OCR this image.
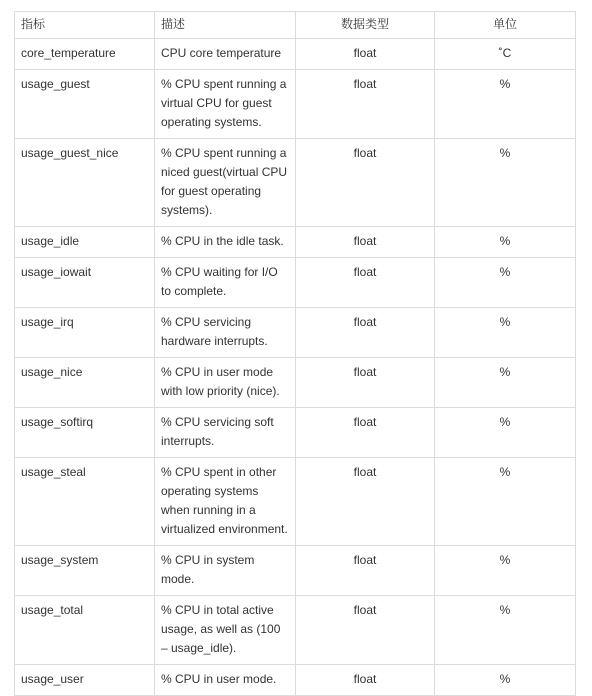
指标	描述	数据类型	单位
core_temperature	CPU core temperature	float	˚C
usage_guest	% CPU spent running a virtual CPU for guest operating systems.	float	%
usage_guest_nice	% CPU spent running a niced guest(virtual CPU for guest operating systems).	float	%
usage_idle	% CPU in the idle task.	float	%
usage_iowait	% CPU waiting for I/O to complete.	float	%
usage_irq	% CPU servicing hardware interrupts.	float	%
usage_nice	% CPU in user mode with low priority (nice).	float	%
usage_softirq	% CPU servicing soft interrupts.	float	%
usage_steal	% CPU spent in other operating systems when running in a virtualized environment.	float	%
usage_system	% CPU in system mode.	float	%
usage_total	% CPU in total active usage, as well as (100 – usage_idle).	float	%
usage_user	% CPU in user mode.	float	%
